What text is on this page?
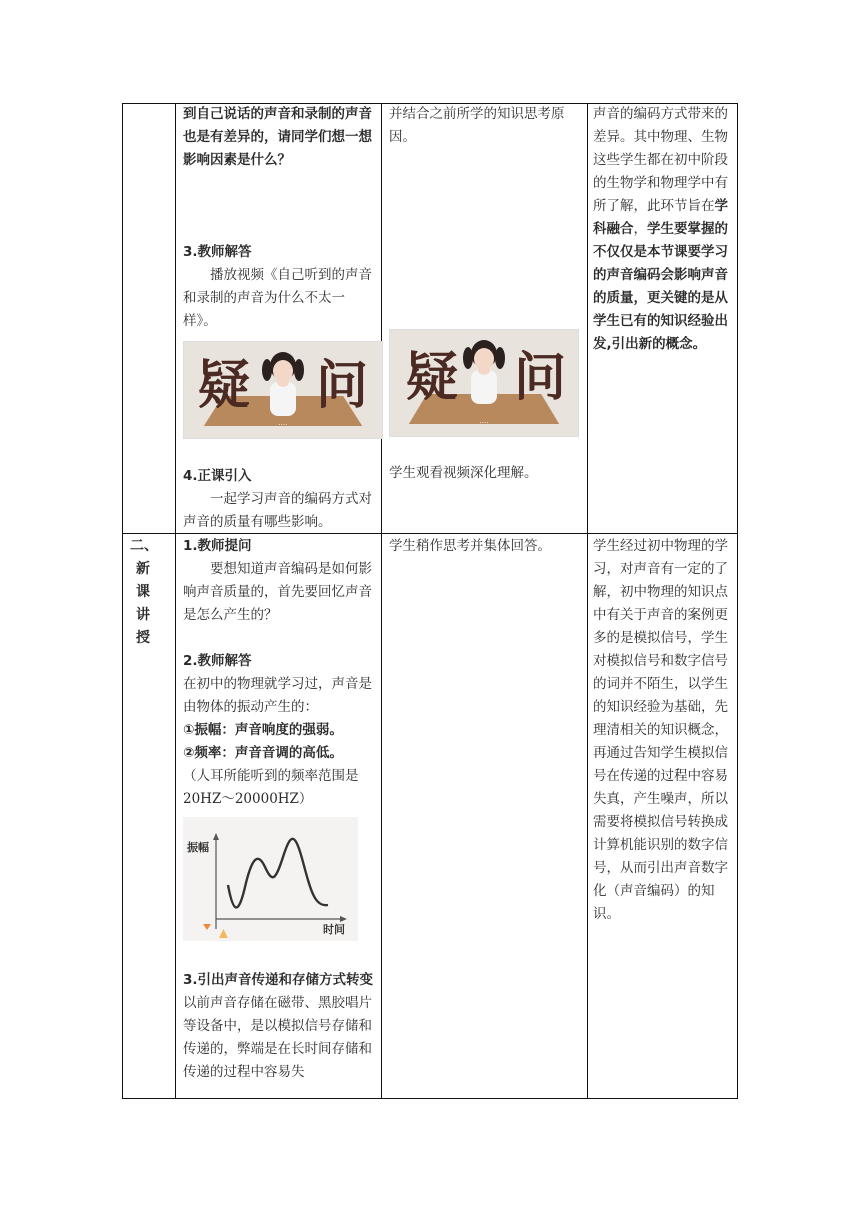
到自己说话的声音和录制的声音也是有差异的，请同学们想一想影响因素是什么？
3.教师解答
播放视频《自己听到的声音和录制的声音为什么不太一样》。
疑 问
····
4.正课引入
一起学习声音的编码方式对声音的质量有哪些影响。
并结合之前所学的知识思考原因。
疑 问
····
学生观看视频深化理解。
声音的编码方式带来的差异。其中物理、生物这些学生都在初中阶段的生物学和物理学中有所了解，此环节旨在学科融合，学生要掌握的不仅仅是本节课要学习的声音编码会影响声音的质量，更关键的是从学生已有的知识经验出发,引出新的概念。
二、
新
课
讲
授
1.教师提问
要想知道声音编码是如何影响声音质量的，首先要回忆声音是怎么产生的？
2.教师解答
在初中的物理就学习过，声音是由物体的振动产生的：
①振幅：声音响度的强弱。
②频率：声音音调的高低。
（人耳所能听到的频率范围是 20HZ～20000HZ）
振幅
时间
3.引出声音传递和存储方式转变
以前声音存储在磁带、黑胶唱片等设备中，是以模拟信号存储和传递的，弊端是在长时间存储和传递的过程中容易失
学生稍作思考并集体回答。	学生经过初中物理的学习，对声音有一定的了解，初中物理的知识点中有关于声音的案例更多的是模拟信号，学生对模拟信号和数字信号的词并不陌生，以学生的知识经验为基础，先理清相关的知识概念，再通过告知学生模拟信号在传递的过程中容易失真，产生噪声，所以需要将模拟信号转换成计算机能识别的数字信号，从而引出声音数字化（声音编码）的知识。
